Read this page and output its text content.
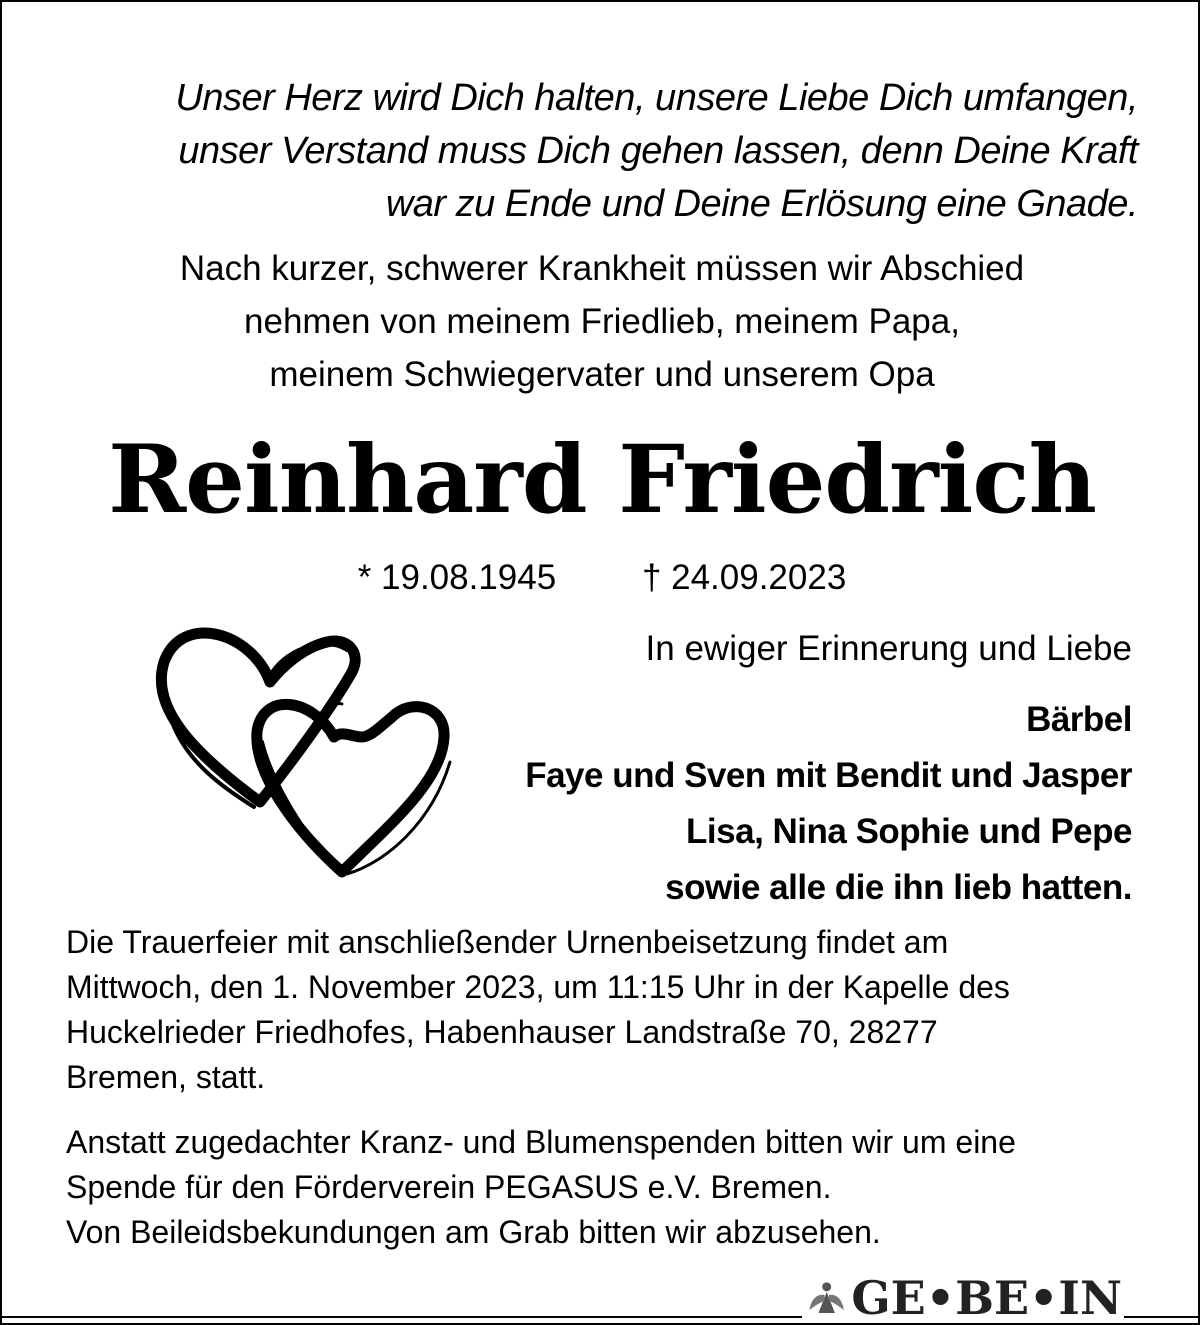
Unser Herz wird Dich halten, unsere Liebe Dich umfangen,
unser Verstand muss Dich gehen lassen, denn Deine Kraft
war zu Ende und Deine Erlösung eine Gnade.
Nach kurzer, schwerer Krankheit müssen wir Abschied
nehmen von meinem Friedlieb, meinem Papa,
meinem Schwiegervater und unserem Opa
Reinhard Friedrich
* 19.08.1945 † 24.09.2023
In ewiger Erinnerung und Liebe
Bärbel
Faye und Sven mit Bendit und Jasper
Lisa, Nina Sophie und Pepe
sowie alle die ihn lieb hatten.
Die Trauerfeier mit anschließender Urnenbeisetzung findet am
Mittwoch, den 1. November 2023, um 11:15 Uhr in der Kapelle des
Huckelrieder Friedhofes, Habenhauser Landstraße 70, 28277
Bremen, statt.
Anstatt zugedachter Kranz- und Blumenspenden bitten wir um eine
Spende für den Förderverein PEGASUS e.V. Bremen.
Von Beileidsbekundungen am Grab bitten wir abzusehen.
GE•BE•IN
